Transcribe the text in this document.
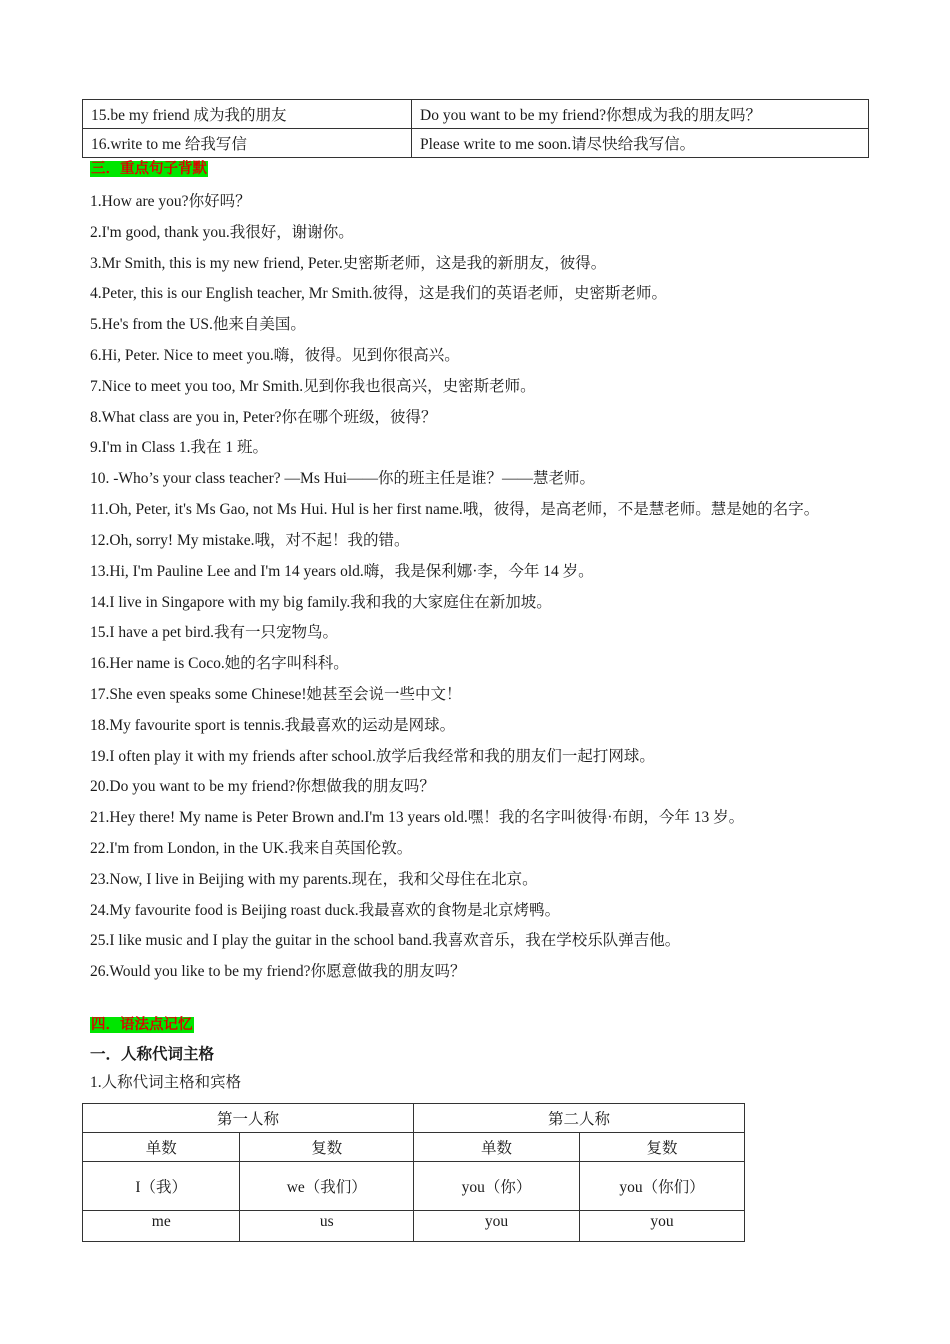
15.be my friend 成为我的朋友	Do you want to be my friend?你想成为我的朋友吗？
16.write to me 给我写信	Please write to me soon.请尽快给我写信。
三．重点句子背默
1.How are you?你好吗？
2.I'm good, thank you.我很好，谢谢你。
3.Mr Smith, this is my new friend, Peter.史密斯老师，这是我的新朋友，彼得。
4.Peter, this is our English teacher, Mr Smith.彼得，这是我们的英语老师，史密斯老师。
5.He's from the US.他来自美国。
6.Hi, Peter. Nice to meet you.嗨，彼得。见到你很高兴。
7.Nice to meet you too, Mr Smith.见到你我也很高兴，史密斯老师。
8.What class are you in, Peter?你在哪个班级，彼得？
9.I'm in Class 1.我在 1 班。
10. -Who’s your class teacher? —Ms Hui——你的班主任是谁？——慧老师。
11.Oh, Peter, it's Ms Gao, not Ms Hui. Hul is her first name.哦，彼得，是高老师，不是慧老师。慧是她的名字。
12.Oh, sorry! My mistake.哦，对不起！我的错。
13.Hi, I'm Pauline Lee and I'm 14 years old.嗨，我是保利娜·李，今年 14 岁。
14.I live in Singapore with my big family.我和我的大家庭住在新加坡。
15.I have a pet bird.我有一只宠物鸟。
16.Her name is Coco.她的名字叫科科。
17.She even speaks some Chinese!她甚至会说一些中文！
18.My favourite sport is tennis.我最喜欢的运动是网球。
19.I often play it with my friends after school.放学后我经常和我的朋友们一起打网球。
20.Do you want to be my friend?你想做我的朋友吗？
21.Hey there! My name is Peter Brown and.I'm 13 years old.嘿！我的名字叫彼得·布朗，今年 13 岁。
22.I'm from London, in the UK.我来自英国伦敦。
23.Now, I live in Beijing with my parents.现在，我和父母住在北京。
24.My favourite food is Beijing roast duck.我最喜欢的食物是北京烤鸭。
25.I like music and I play the guitar in the school band.我喜欢音乐，我在学校乐队弹吉他。
26.Would you like to be my friend?你愿意做我的朋友吗？
四．语法点记忆
一．人称代词主格
1.人称代词主格和宾格
第一人称		第二人称	
单数	复数	单数	复数
I（我）	we（我们）	you（你）	you（你们）
me	us	you	you
